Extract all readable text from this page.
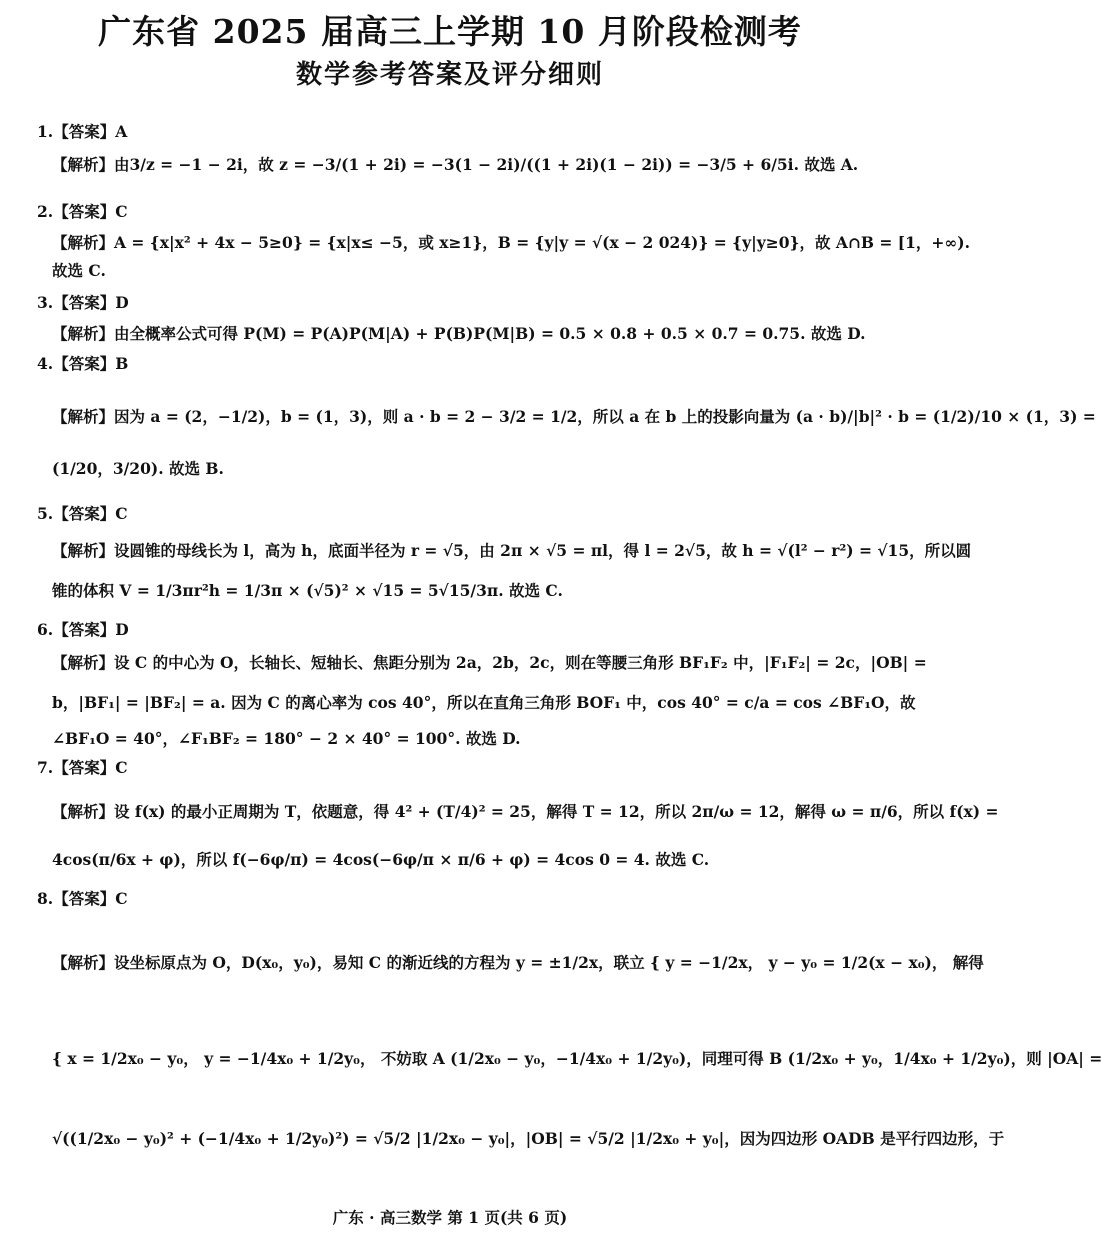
广东省 2025 届高三上学期 10 月阶段检测考
数学参考答案及评分细则
1.【答案】A
【解析】由3/z = −1 − 2i，故 z = −3/(1 + 2i) = −3(1 − 2i)/((1 + 2i)(1 − 2i)) = −3/5 + 6/5i. 故选 A.
2.【答案】C
【解析】A = {x|x² + 4x − 5≥0} = {x|x≤ −5，或 x≥1}，B = {y|y = √(x − 2 024)} = {y|y≥0}，故 A∩B = [1，+∞).
故选 C.
3.【答案】D
【解析】由全概率公式可得 P(M) = P(A)P(M|A) + P(B)P(M|B) = 0.5 × 0.8 + 0.5 × 0.7 = 0.75. 故选 D.
4.【答案】B
【解析】因为 a = (2，−1/2)，b = (1，3)，则 a · b = 2 − 3/2 = 1/2，所以 a 在 b 上的投影向量为 (a · b)/|b|² · b = (1/2)/10 × (1，3) =
(1/20，3/20). 故选 B.
5.【答案】C
【解析】设圆锥的母线长为 l，高为 h，底面半径为 r = √5，由 2π × √5 = πl，得 l = 2√5，故 h = √(l² − r²) = √15，所以圆
锥的体积 V = 1/3πr²h = 1/3π × (√5)² × √15 = 5√15/3π. 故选 C.
6.【答案】D
【解析】设 C 的中心为 O，长轴长、短轴长、焦距分别为 2a，2b，2c，则在等腰三角形 BF₁F₂ 中，|F₁F₂| = 2c，|OB| =
b，|BF₁| = |BF₂| = a. 因为 C 的离心率为 cos 40°，所以在直角三角形 BOF₁ 中，cos 40° = c/a = cos ∠BF₁O，故
∠BF₁O = 40°，∠F₁BF₂ = 180° − 2 × 40° = 100°. 故选 D.
7.【答案】C
【解析】设 f(x) 的最小正周期为 T，依题意，得 4² + (T/4)² = 25，解得 T = 12，所以 2π/ω = 12，解得 ω = π/6，所以 f(x) =
4cos(π/6x + φ)，所以 f(−6φ/π) = 4cos(−6φ/π × π/6 + φ) = 4cos 0 = 4. 故选 C.
8.【答案】C
【解析】设坐标原点为 O，D(x₀，y₀)，易知 C 的渐近线的方程为 y = ±1/2x，联立 { y = −1/2x， y − y₀ = 1/2(x − x₀)， 解得
{ x = 1/2x₀ − y₀， y = −1/4x₀ + 1/2y₀， 不妨取 A (1/2x₀ − y₀，−1/4x₀ + 1/2y₀)，同理可得 B (1/2x₀ + y₀，1/4x₀ + 1/2y₀)，则 |OA| =
√((1/2x₀ − y₀)² + (−1/4x₀ + 1/2y₀)²) = √5/2 |1/2x₀ − y₀|，|OB| = √5/2 |1/2x₀ + y₀|，因为四边形 OADB 是平行四边形，于
广东 · 高三数学 第 1 页(共 6 页)
